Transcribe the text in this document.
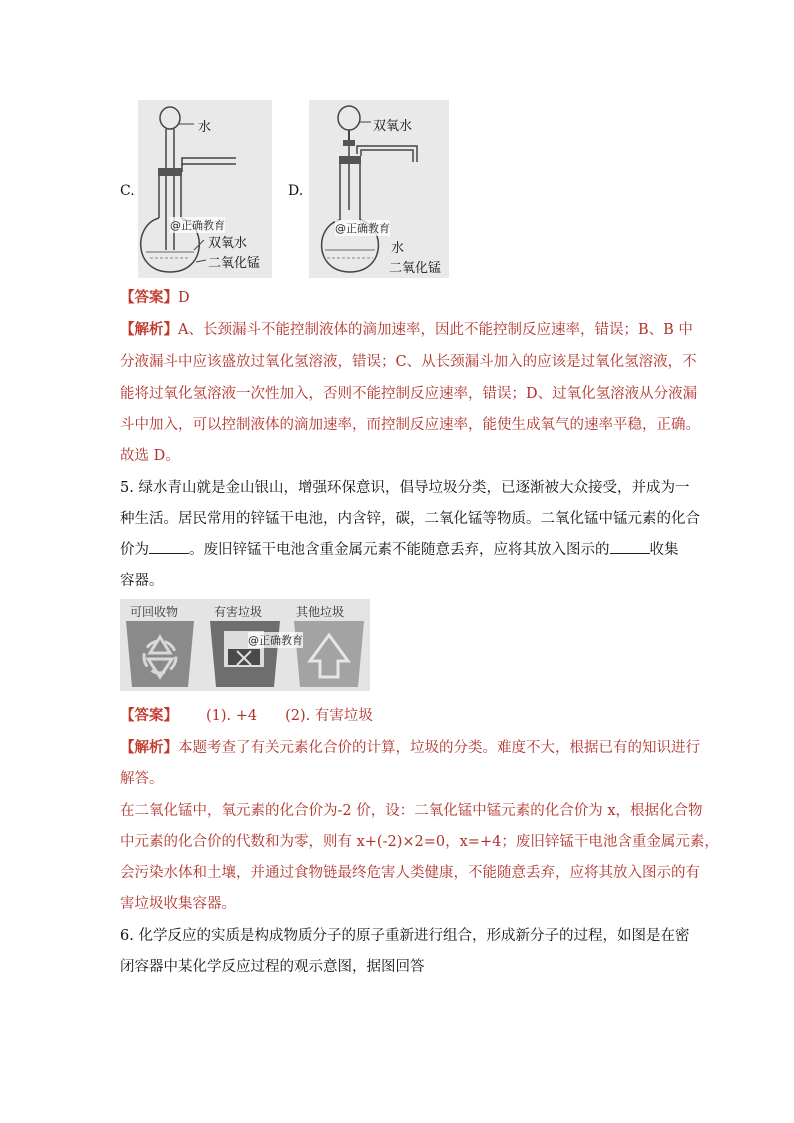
C.
水
@正确教育
双氧水
二氧化锰
D.
双氧水
@正确教育
水
二氧化锰
【答案】D
【解析】A、长颈漏斗不能控制液体的滴加速率，因此不能控制反应速率，错误；B、B 中
分液漏斗中应该盛放过氧化氢溶液，错误；C、从长颈漏斗加入的应该是过氧化氢溶液，不
能将过氧化氢溶液一次性加入，否则不能控制反应速率，错误；D、过氧化氢溶液从分液漏
斗中加入，可以控制液体的滴加速率，而控制反应速率，能使生成氧气的速率平稳，正确。
故选 D。
5. 绿水青山就是金山银山，增强环保意识，倡导垃圾分类，已逐渐被大众接受，并成为一
种生活。居民常用的锌锰干电池，内含锌，碳，二氧化锰等物质。二氧化锰中锰元素的化合
价为	。废旧锌锰干电池含重金属元素不能随意丢弃，应将其放入图示的	收集
容器。
可回收物	有害垃圾	其他垃圾
@正确教育
【答案】 (1). +4 (2). 有害垃圾
【解析】本题考查了有关元素化合价的计算，垃圾的分类。难度不大，根据已有的知识进行
解答。
在二氧化锰中，氧元素的化合价为-2 价，设：二氧化锰中锰元素的化合价为 x，根据化合物
中元素的化合价的代数和为零，则有 x+(-2)×2=0，x=+4；废旧锌锰干电池含重金属元素，
会污染水体和土壤，并通过食物链最终危害人类健康，不能随意丢弃，应将其放入图示的有
害垃圾收集容器。
6. 化学反应的实质是构成物质分子的原子重新进行组合，形成新分子的过程，如图是在密
闭容器中某化学反应过程的观示意图，据图回答
